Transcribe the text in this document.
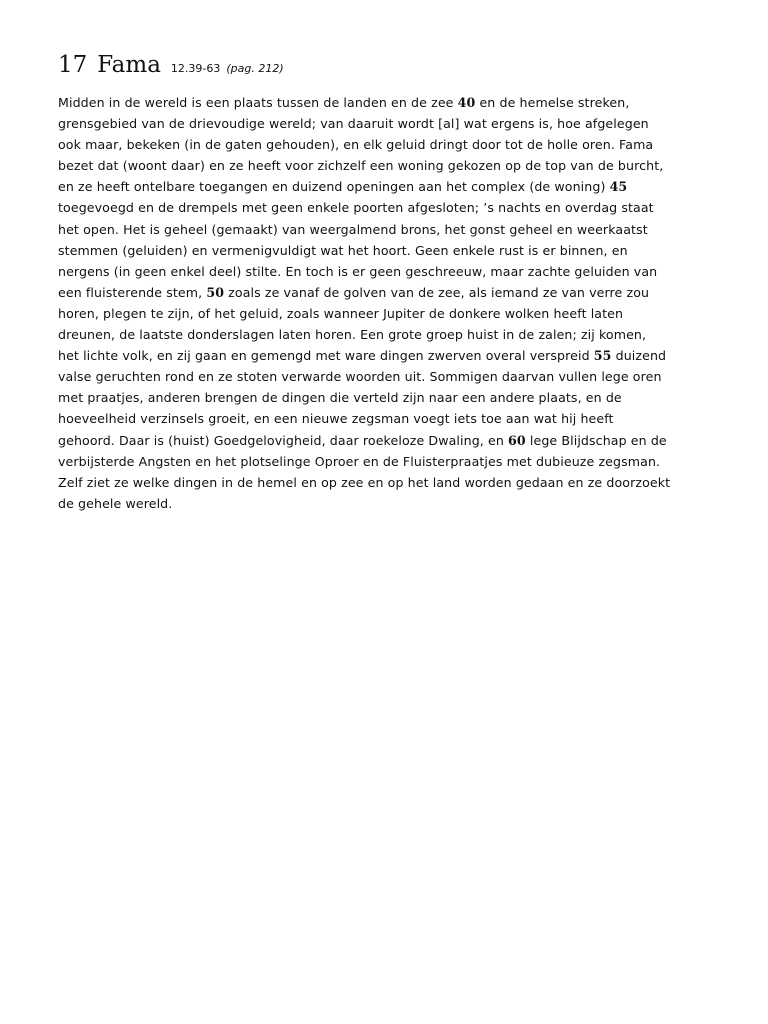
17 Fama 12.39-63 (pag. 212)

Midden in de wereld is een plaats tussen de landen en de zee 40 en de hemelse streken,
grensgebied van de drievoudige wereld; van daaruit wordt [al] wat ergens is, hoe afgelegen
ook maar, bekeken (in de gaten gehouden), en elk geluid dringt door tot de holle oren. Fama
bezet dat (woont daar) en ze heeft voor zichzelf een woning gekozen op de top van de burcht,
en ze heeft ontelbare toegangen en duizend openingen aan het complex (de woning) 45
toegevoegd en de drempels met geen enkele poorten afgesloten; ’s nachts en overdag staat
het open. Het is geheel (gemaakt) van weergalmend brons, het gonst geheel en weerkaatst
stemmen (geluiden) en vermenigvuldigt wat het hoort. Geen enkele rust is er binnen, en
nergens (in geen enkel deel) stilte. En toch is er geen geschreeuw, maar zachte geluiden van
een fluisterende stem, 50 zoals ze vanaf de golven van de zee, als iemand ze van verre zou
horen, plegen te zijn, of het geluid, zoals wanneer Jupiter de donkere wolken heeft laten
dreunen, de laatste donderslagen laten horen. Een grote groep huist in de zalen; zij komen,
het lichte volk, en zij gaan en gemengd met ware dingen zwerven overal verspreid 55 duizend
valse geruchten rond en ze stoten verwarde woorden uit. Sommigen daarvan vullen lege oren
met praatjes, anderen brengen de dingen die verteld zijn naar een andere plaats, en de
hoeveelheid verzinsels groeit, en een nieuwe zegsman voegt iets toe aan wat hij heeft
gehoord. Daar is (huist) Goedgelovigheid, daar roekeloze Dwaling, en 60 lege Blijdschap en de
verbijsterde Angsten en het plotselinge Oproer en de Fluisterpraatjes met dubieuze zegsman.
Zelf ziet ze welke dingen in de hemel en op zee en op het land worden gedaan en ze doorzoekt
de gehele wereld.
